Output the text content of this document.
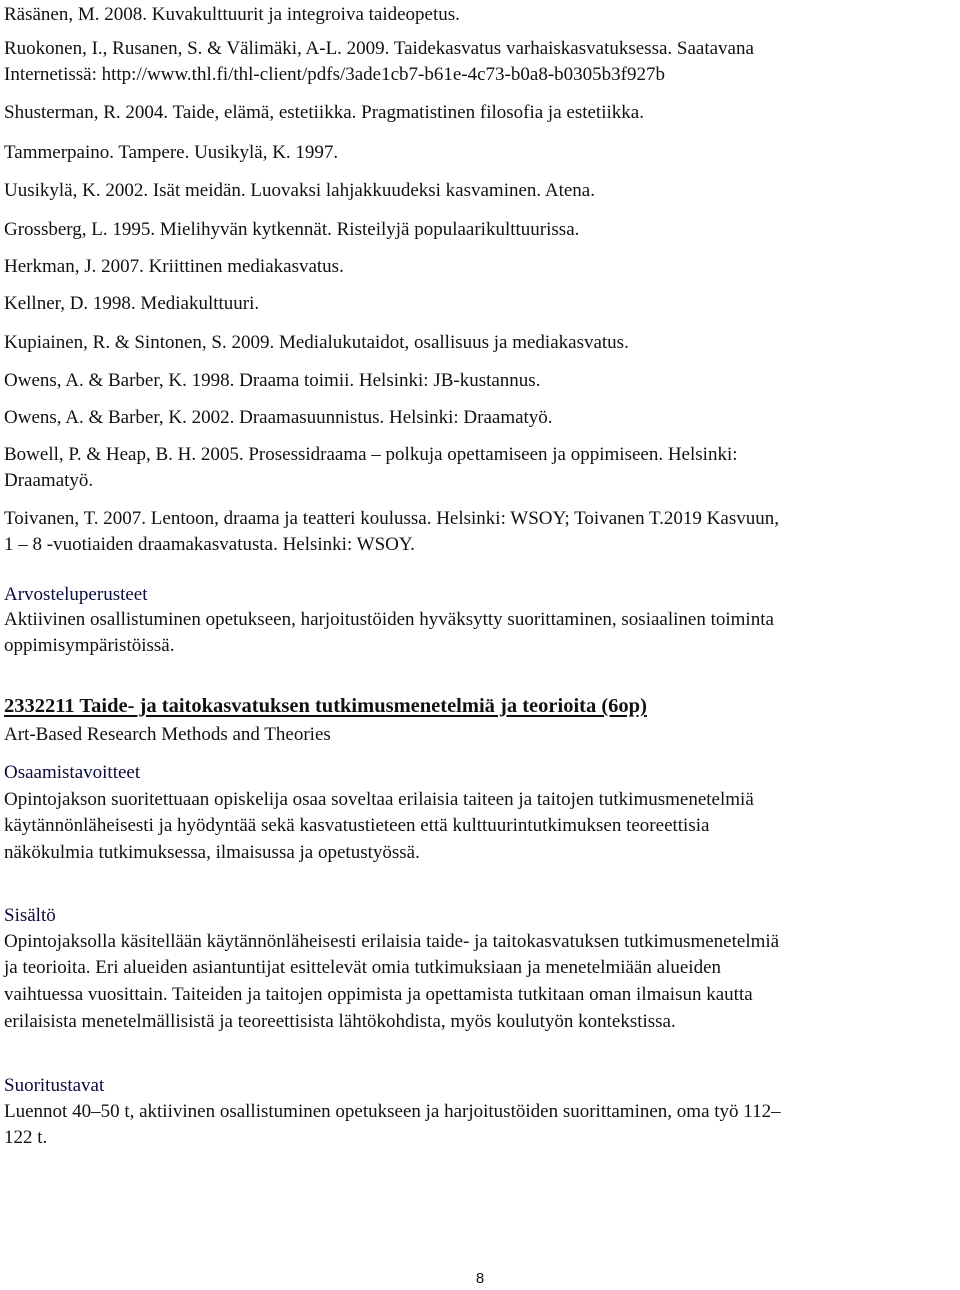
Räsänen, M. 2008. Kuvakulttuurit ja integroiva taideopetus.
Ruokonen, I., Rusanen, S. & Välimäki, A-L. 2009. Taidekasvatus varhaiskasvatuksessa. Saatavana
Internetissä: http://www.thl.fi/thl-client/pdfs/3ade1cb7-b61e-4c73-b0a8-b0305b3f927b
Shusterman, R. 2004. Taide, elämä, estetiikka. Pragmatistinen filosofia ja estetiikka.
Tammerpaino. Tampere. Uusikylä, K. 1997.
Uusikylä, K. 2002. Isät meidän. Luovaksi lahjakkuudeksi kasvaminen. Atena.
Grossberg, L. 1995. Mielihyvän kytkennät. Risteilyjä populaarikulttuurissa.
Herkman, J. 2007. Kriittinen mediakasvatus.
Kellner, D. 1998. Mediakulttuuri.
Kupiainen, R. & Sintonen, S. 2009. Medialukutaidot, osallisuus ja mediakasvatus.
Owens, A. & Barber, K. 1998. Draama toimii. Helsinki: JB-kustannus.
Owens, A. & Barber, K. 2002. Draamasuunnistus. Helsinki: Draamatyö.
Bowell, P. & Heap, B. H. 2005. Prosessidraama – polkuja opettamiseen ja oppimiseen. Helsinki:
Draamatyö.
Toivanen, T. 2007. Lentoon, draama ja teatteri koulussa. Helsinki: WSOY; Toivanen T.2019 Kasvuun,
1 – 8 -vuotiaiden draamakasvatusta. Helsinki: WSOY.
Arvosteluperusteet
Aktiivinen osallistuminen opetukseen, harjoitustöiden hyväksytty suorittaminen, sosiaalinen toiminta
oppimisympäristöissä.
2332211 Taide- ja taitokasvatuksen tutkimusmenetelmiä ja teorioita (6op)
Art-Based Research Methods and Theories
Osaamistavoitteet
Opintojakson suoritettuaan opiskelija osaa soveltaa erilaisia taiteen ja taitojen tutkimusmenetelmiä
käytännönläheisesti ja hyödyntää sekä kasvatustieteen että kulttuurintutkimuksen teoreettisia
näkökulmia tutkimuksessa, ilmaisussa ja opetustyössä.
Sisältö
Opintojaksolla käsitellään käytännönläheisesti erilaisia taide- ja taitokasvatuksen tutkimusmenetelmiä
ja teorioita. Eri alueiden asiantuntijat esittelevät omia tutkimuksiaan ja menetelmiään alueiden
vaihtuessa vuosittain. Taiteiden ja taitojen oppimista ja opettamista tutkitaan oman ilmaisun kautta
erilaisista menetelmällisistä ja teoreettisista lähtökohdista, myös koulutyön kontekstissa.
Suoritustavat
Luennot 40–50 t, aktiivinen osallistuminen opetukseen ja harjoitustöiden suorittaminen, oma työ 112–
122 t.
8
